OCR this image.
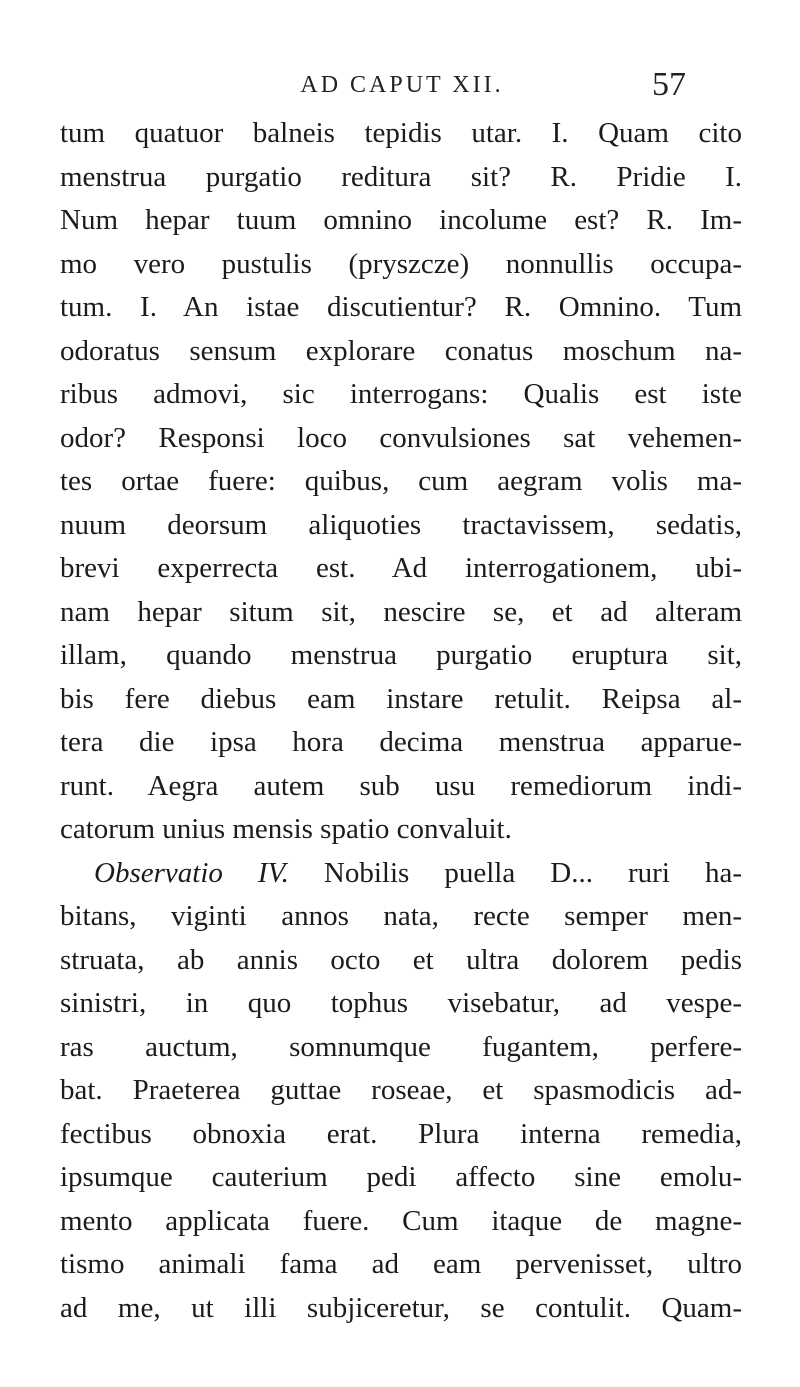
AD CAPUT XII.	57
tum quatuor balneis tepidis utar. I. Quam cito
menstrua purgatio reditura sit? R. Pridie I.
Num hepar tuum omnino incolume est? R. Im-
mo vero pustulis (pryszcze) nonnullis occupa-
tum. I. An istae discutientur? R. Omnino. Tum
odoratus sensum explorare conatus moschum na-
ribus admovi, sic interrogans: Qualis est iste
odor? Responsi loco convulsiones sat vehemen-
tes ortae fuere: quibus, cum aegram volis ma-
nuum deorsum aliquoties tractavissem, sedatis,
brevi experrecta est. Ad interrogationem, ubi-
nam hepar situm sit, nescire se, et ad alteram
illam, quando menstrua purgatio eruptura sit,
bis fere diebus eam instare retulit. Reipsa al-
tera die ipsa hora decima menstrua apparue-
runt. Aegra autem sub usu remediorum indi-
catorum unius mensis spatio convaluit.
Observatio IV. Nobilis puella D... ruri ha-
bitans, viginti annos nata, recte semper men-
struata, ab annis octo et ultra dolorem pedis
sinistri, in quo tophus visebatur, ad vespe-
ras auctum, somnumque fugantem, perfere-
bat. Praeterea guttae roseae, et spasmodicis ad-
fectibus obnoxia erat. Plura interna remedia,
ipsumque cauterium pedi affecto sine emolu-
mento applicata fuere. Cum itaque de magne-
tismo animali fama ad eam pervenisset, ultro
ad me, ut illi subjiceretur, se contulit. Quam-
